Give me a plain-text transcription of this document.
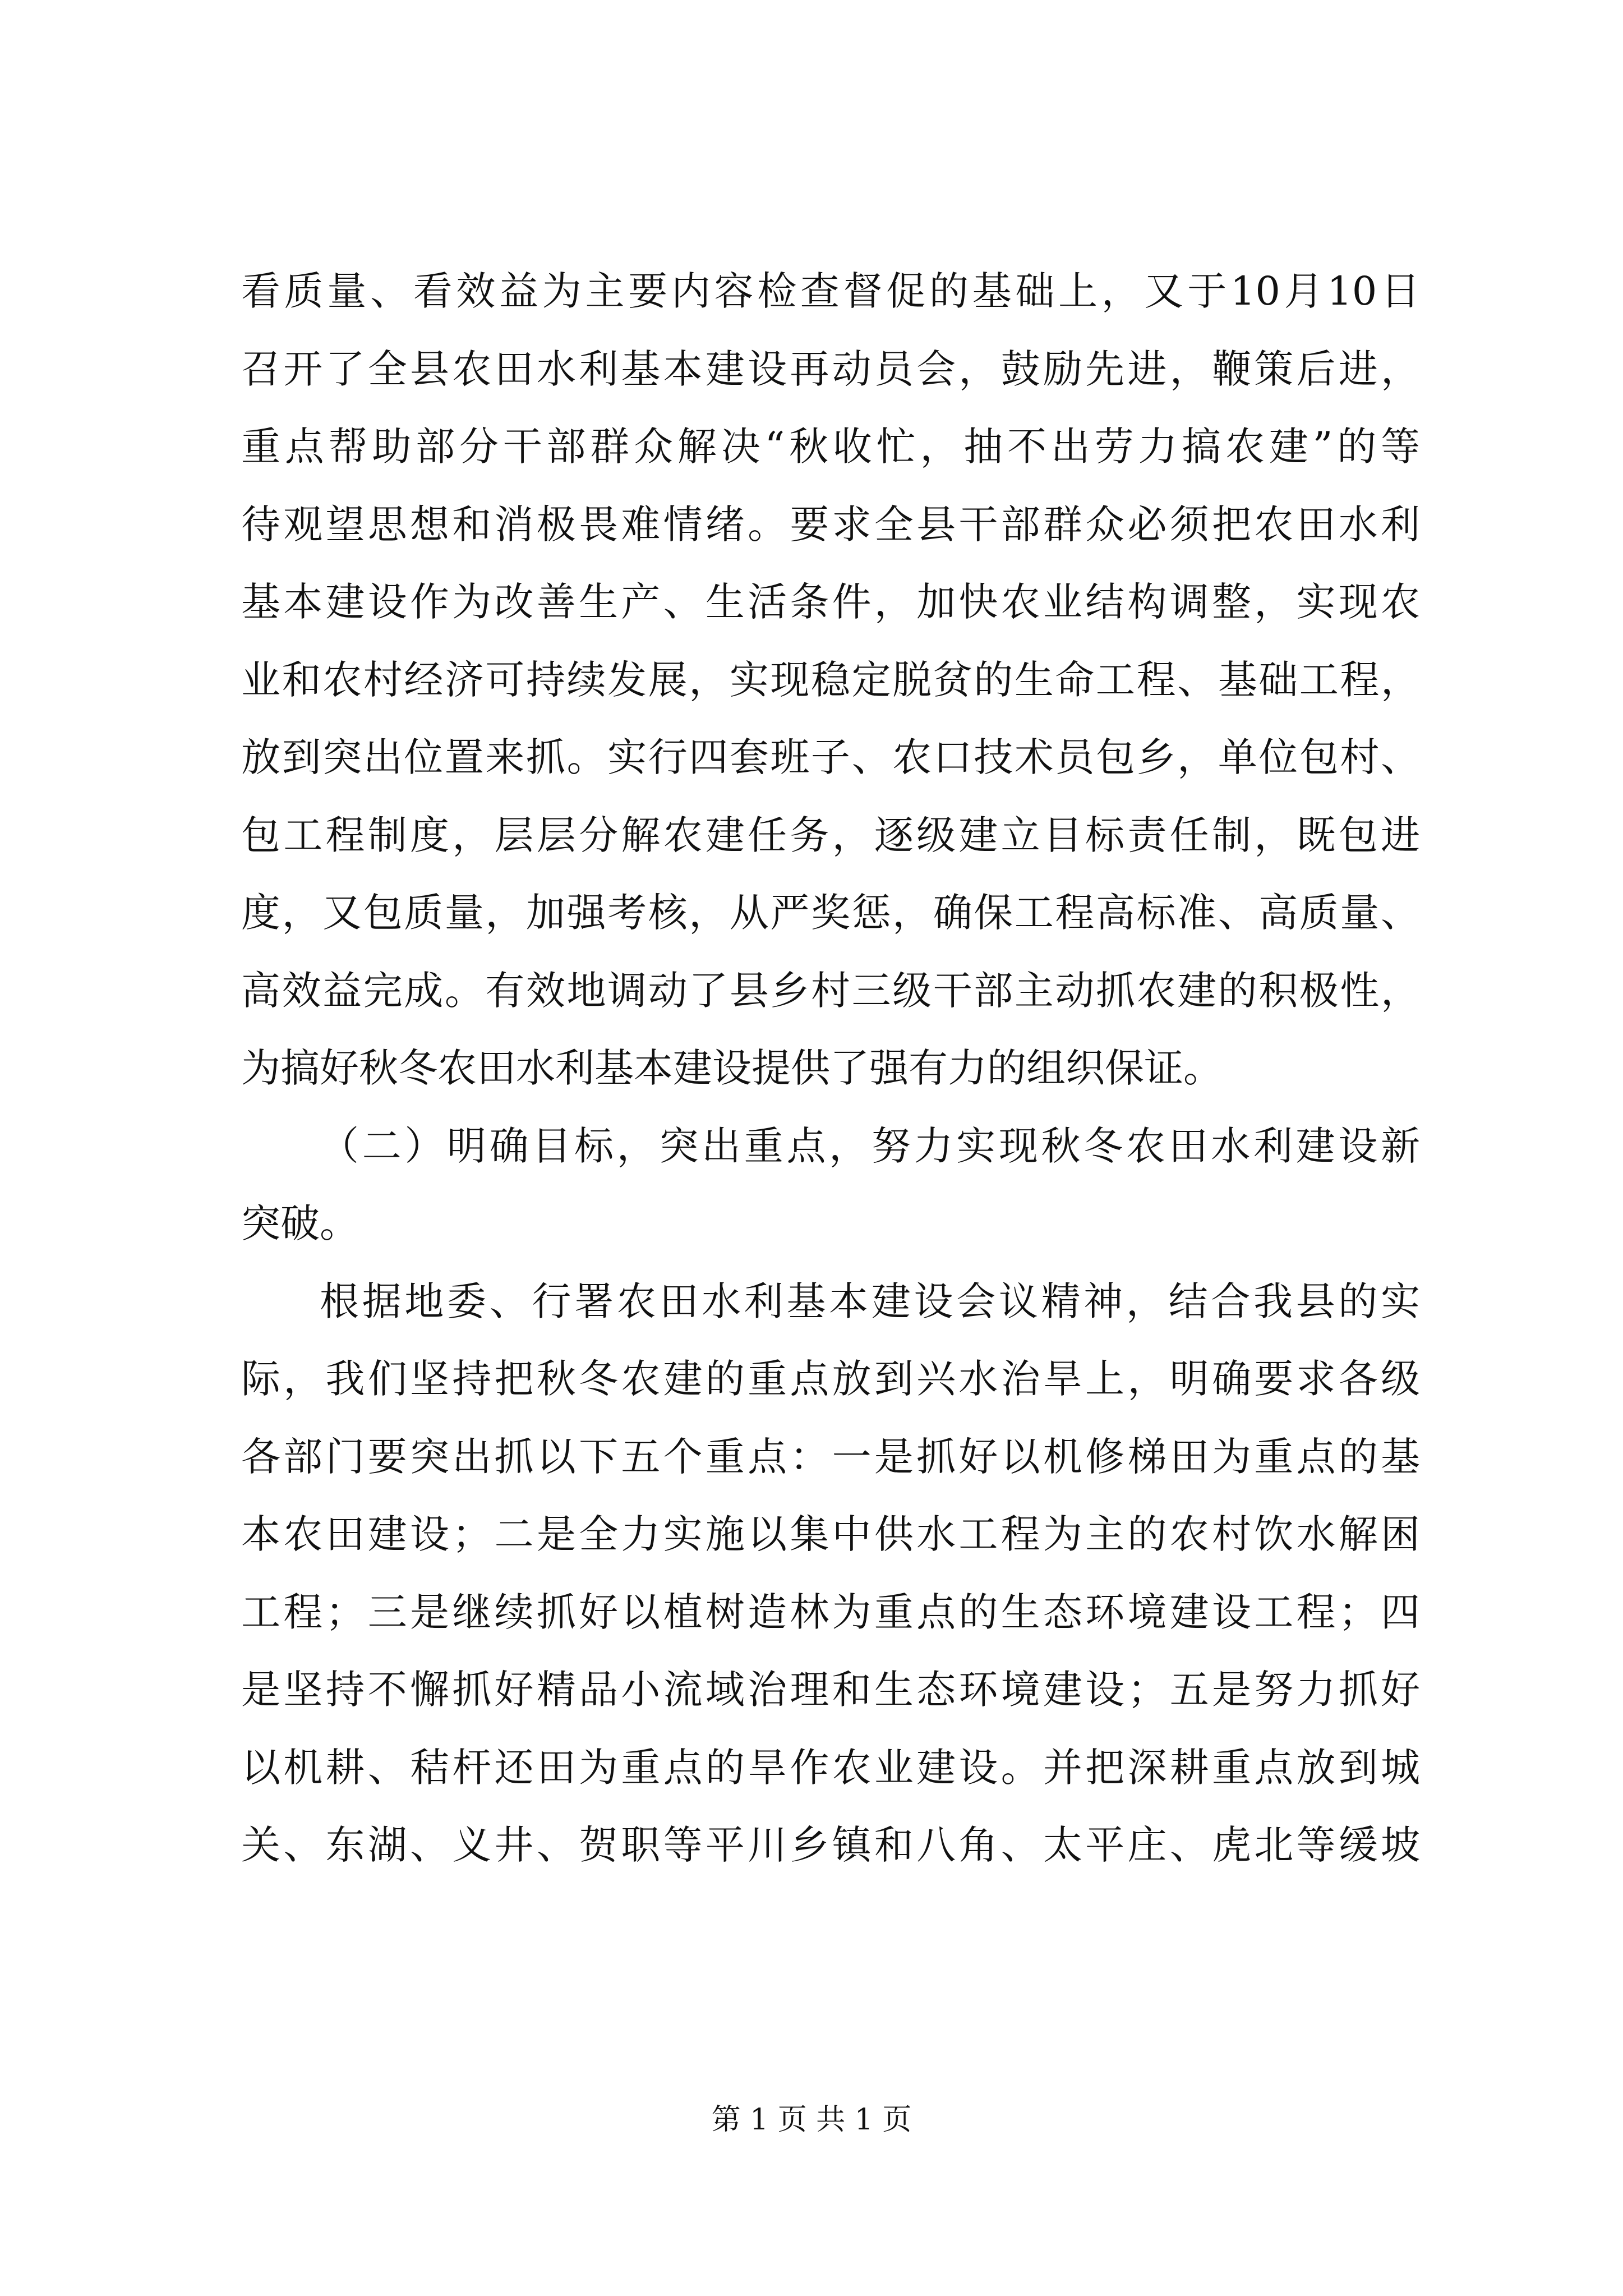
看质量、看效益为主要内容检查督促的基础上，又于10月10日
召开了全县农田水利基本建设再动员会，鼓励先进，鞭策后进，
重点帮助部分干部群众解决“秋收忙，抽不出劳力搞农建”的等
待观望思想和消极畏难情绪。要求全县干部群众必须把农田水利
基本建设作为改善生产、生活条件，加快农业结构调整，实现农
业和农村经济可持续发展，实现稳定脱贫的生命工程、基础工程，
放到突出位置来抓。实行四套班子、农口技术员包乡，单位包村、
包工程制度，层层分解农建任务，逐级建立目标责任制，既包进
度，又包质量，加强考核，从严奖惩，确保工程高标准、高质量、
高效益完成。有效地调动了县乡村三级干部主动抓农建的积极性，
为搞好秋冬农田水利基本建设提供了强有力的组织保证。
（二）明确目标，突出重点，努力实现秋冬农田水利建设新
突破。
根据地委、行署农田水利基本建设会议精神，结合我县的实
际，我们坚持把秋冬农建的重点放到兴水治旱上，明确要求各级
各部门要突出抓以下五个重点：一是抓好以机修梯田为重点的基
本农田建设；二是全力实施以集中供水工程为主的农村饮水解困
工程；三是继续抓好以植树造林为重点的生态环境建设工程；四
是坚持不懈抓好精品小流域治理和生态环境建设；五是努力抓好
以机耕、秸杆还田为重点的旱作农业建设。并把深耕重点放到城
关、东湖、义井、贺职等平川乡镇和八角、太平庄、虎北等缓坡
第 1 页 共 1 页
